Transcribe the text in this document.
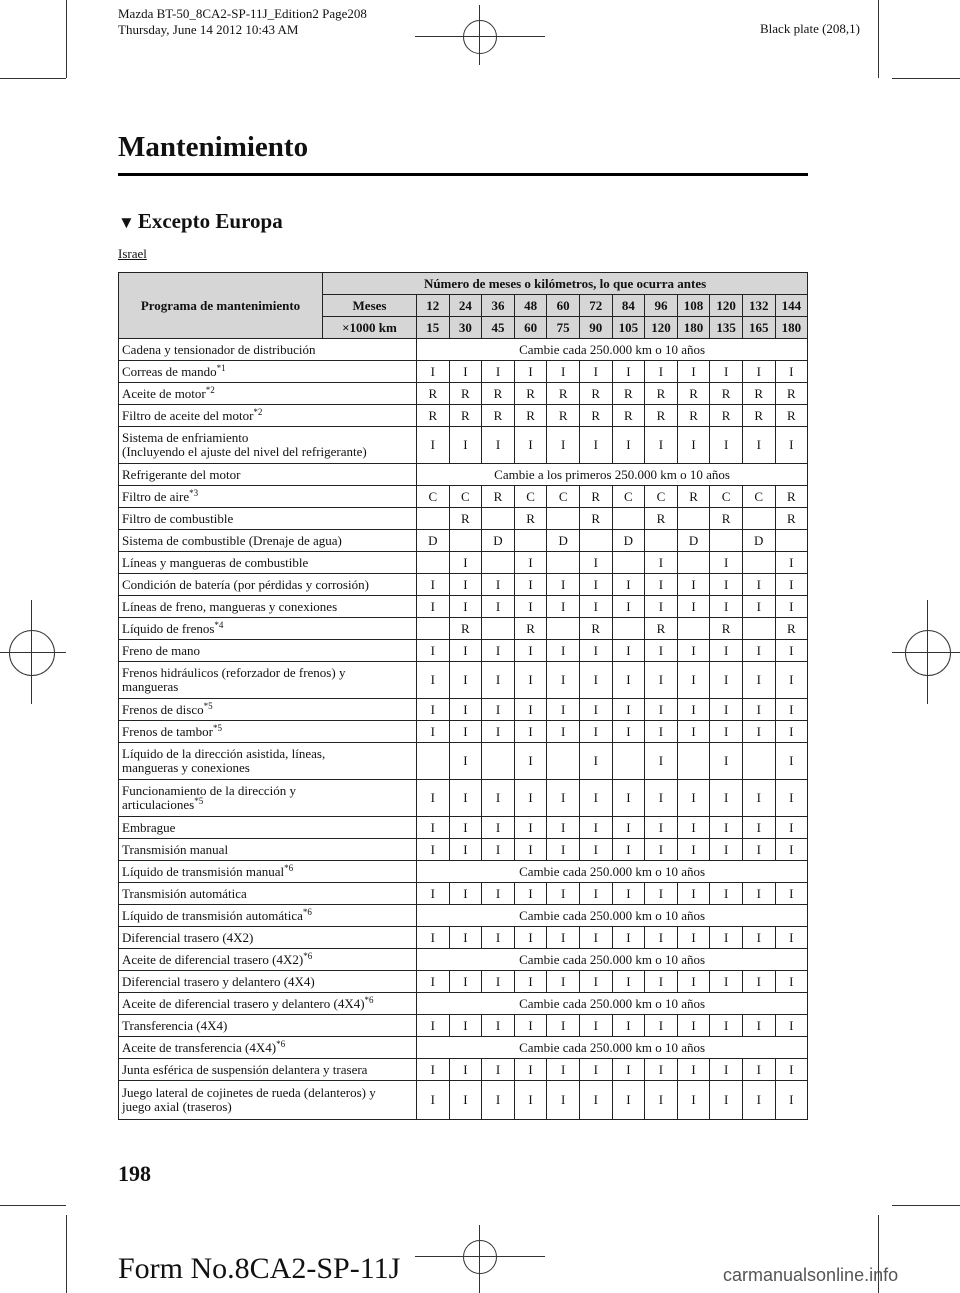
Mazda BT-50_8CA2-SP-11J_Edition2 Page208
Thursday, June 14 2012 10:43 AM	Black plate (208,1)
Mantenimiento
▼ Excepto Europa
Israel
Programa de mantenimiento	Número de meses o kilómetros, lo que ocurra antes												
	Meses	12	24	36	48	60	72	84	96	108	120	132	144
	×1000 km	15	30	45	60	75	90	105	120	180	135	165	180
Cadena y tensionador de distribución		Cambie cada 250.000 km o 10 años											
Correas de mando$^{*1}$		I	I	I	I	I	I	I	I	I	I	I	I
Aceite de motor$^{*2}$		R	R	R	R	R	R	R	R	R	R	R	R
Filtro de aceite del motor$^{*2}$		R	R	R	R	R	R	R	R	R	R	R	R
Sistema de enfriamiento
(Incluyendo el ajuste del nivel del refrigerante)		I	I	I	I	I	I	I	I	I	I	I	I
Refrigerante del motor		Cambie a los primeros 250.000 km o 10 años											
Filtro de aire$^{*3}$		C	C	R	C	C	R	C	C	R	C	C	R
Filtro de combustible			R		R		R		R		R		R
Sistema de combustible (Drenaje de agua)		D		D		D		D		D		D	
Líneas y mangueras de combustible			I		I		I		I		I		I
Condición de batería (por pérdidas y corrosión)		I	I	I	I	I	I	I	I	I	I	I	I
Líneas de freno, mangueras y conexiones		I	I	I	I	I	I	I	I	I	I	I	I
Líquido de frenos$^{*4}$			R		R		R		R		R		R
Freno de mano		I	I	I	I	I	I	I	I	I	I	I	I
Frenos hidráulicos (reforzador de frenos) y
mangueras		I	I	I	I	I	I	I	I	I	I	I	I
Frenos de disco$^{*5}$		I	I	I	I	I	I	I	I	I	I	I	I
Frenos de tambor$^{*5}$		I	I	I	I	I	I	I	I	I	I	I	I
Líquido de la dirección asistida, líneas,
mangueras y conexiones			I		I		I		I		I		I
Funcionamiento de la dirección y
articulaciones$^{*5}$		I	I	I	I	I	I	I	I	I	I	I	I
Embrague		I	I	I	I	I	I	I	I	I	I	I	I
Transmisión manual		I	I	I	I	I	I	I	I	I	I	I	I
Líquido de transmisión manual$^{*6}$		Cambie cada 250.000 km o 10 años											
Transmisión automática		I	I	I	I	I	I	I	I	I	I	I	I
Líquido de transmisión automática$^{*6}$		Cambie cada 250.000 km o 10 años											
Diferencial trasero (4X2)		I	I	I	I	I	I	I	I	I	I	I	I
Aceite de diferencial trasero $(4X2)^{*6}$		Cambie cada 250.000 km o 10 años											
Diferencial trasero y delantero (4X4)		I	I	I	I	I	I	I	I	I	I	I	I
Aceite de diferencial trasero y delantero $(4X4)^{*6}$		Cambie cada 250.000 km o 10 años											
Transferencia (4X4)		I	I	I	I	I	I	I	I	I	I	I	I
Aceite de transferencia $(4X4)^{*6}$		Cambie cada 250.000 km o 10 años											
Junta esférica de suspensión delantera y trasera		I	I	I	I	I	I	I	I	I	I	I	I
Juego lateral de cojinetes de rueda (delanteros) y
juego axial (traseros)		I	I	I	I	I	I	I	I	I	I	I	I
198
Form No.8CA2-SP-11J	carmanualsonline.info
